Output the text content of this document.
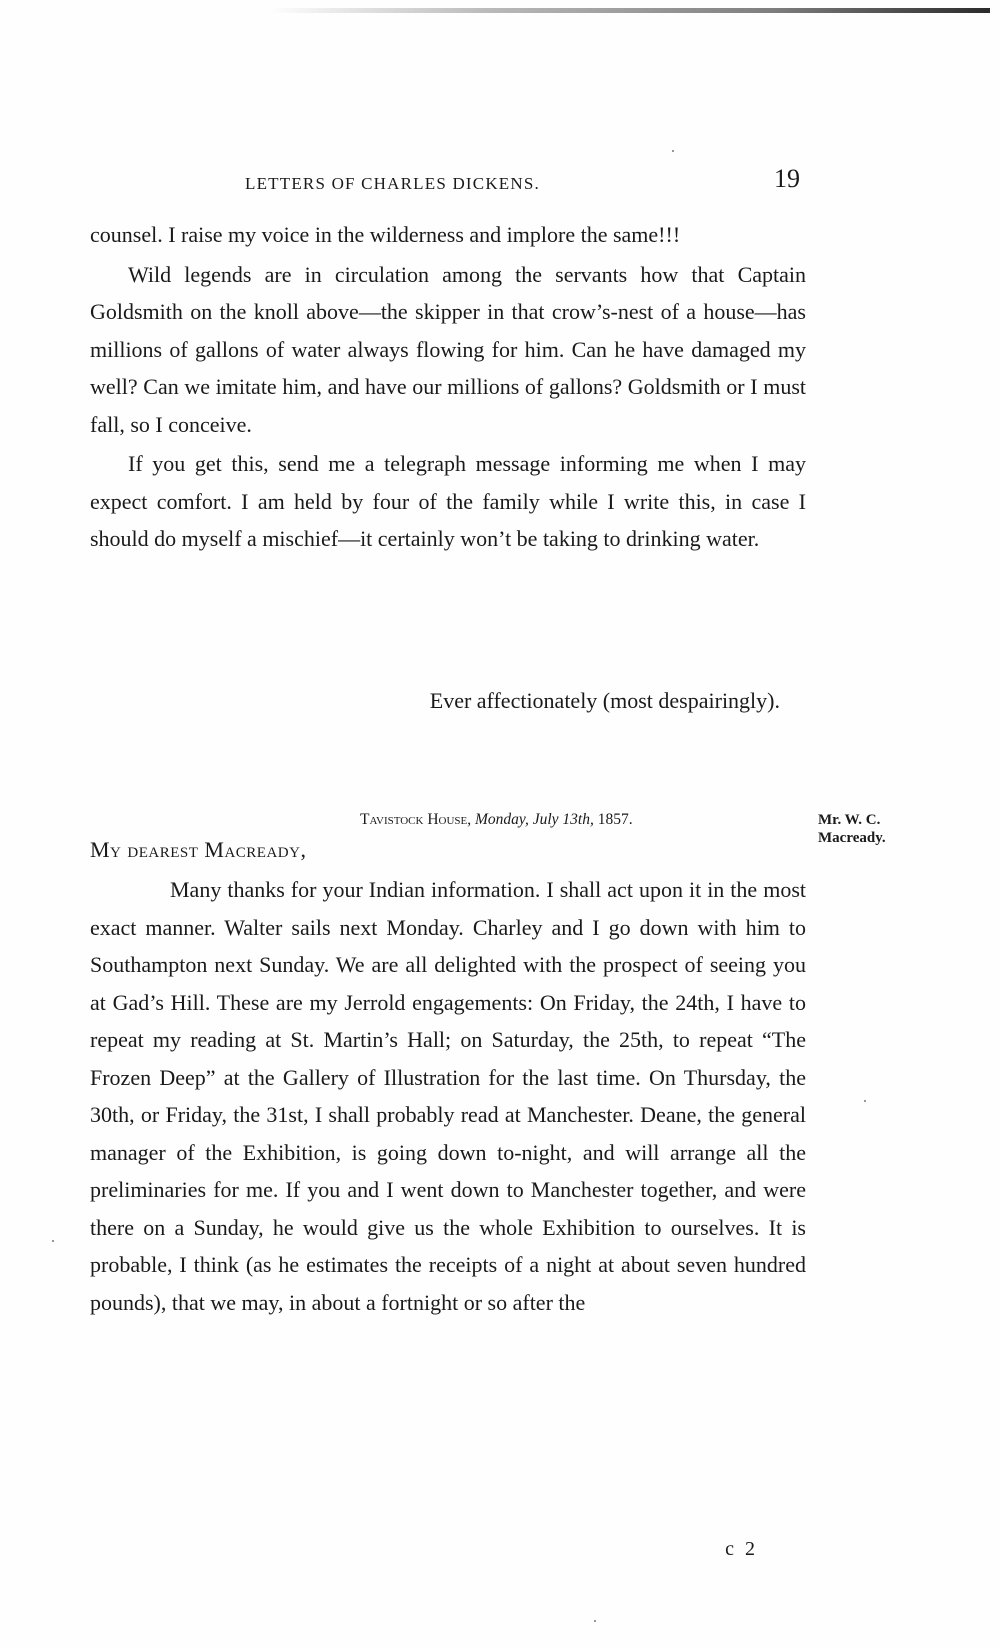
LETTERS OF CHARLES DICKENS.	19

counsel. I raise my voice in the wilderness and implore the same!!!

Wild legends are in circulation among the servants how that Captain Goldsmith on the knoll above—the skipper in that crow’s-nest of a house—has millions of gallons of water always flowing for him. Can he have damaged my well? Can we imitate him, and have our millions of gallons? Goldsmith or I must fall, so I conceive.

If you get this, send me a telegraph message informing me when I may expect comfort. I am held by four of the family while I write this, in case I should do myself a mischief—it certainly won’t be taking to drinking water.

Ever affectionately (most despairingly).
Tavistock House, Monday, July 13th, 1857.	Mr. W. C.
Macready.
My dearest Macready,

Many thanks for your Indian information. I shall act upon it in the most exact manner. Walter sails next Monday. Charley and I go down with him to Southampton next Sunday. We are all delighted with the prospect of seeing you at Gad’s Hill. These are my Jerrold engagements: On Friday, the 24th, I have to repeat my reading at St. Martin’s Hall; on Saturday, the 25th, to repeat “The Frozen Deep” at the Gallery of Illustration for the last time. On Thursday, the 30th, or Friday, the 31st, I shall probably read at Manchester. Deane, the general manager of the Exhibition, is going down to-night, and will arrange all the preliminaries for me. If you and I went down to Manchester together, and were there on a Sunday, he would give us the whole Exhibition to ourselves. It is probable, I think (as he estimates the receipts of a night at about seven hundred pounds), that we may, in about a fortnight or so after the

c 2
